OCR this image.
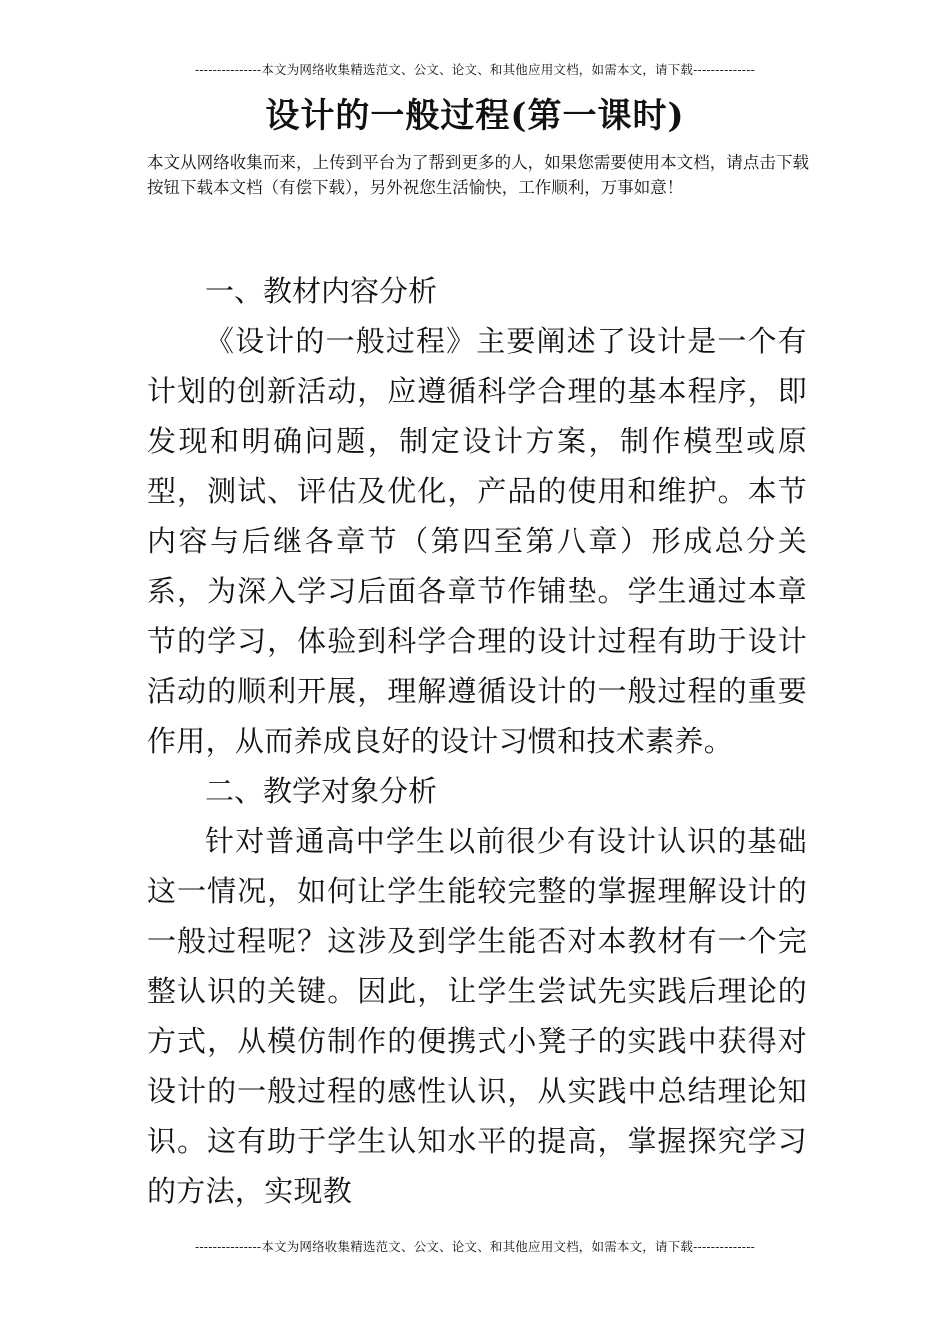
---------------本文为网络收集精选范文、公文、论文、和其他应用文档，如需本文，请下载--------------
设计的一般过程(第一课时)
本文从网络收集而来，上传到平台为了帮到更多的人，如果您需要使用本文档，请点击下载按钮下载本文档（有偿下载），另外祝您生活愉快，工作顺利，万事如意！

一、教材内容分析

《设计的一般过程》主要阐述了设计是一个有计划的创新活动，应遵循科学合理的基本程序，即发现和明确问题，制定设计方案，制作模型或原型，测试、评估及优化，产品的使用和维护。本节内容与后继各章节（第四至第八章）形成总分关系，为深入学习后面各章节作铺垫。学生通过本章节的学习，体验到科学合理的设计过程有助于设计活动的顺利开展，理解遵循设计的一般过程的重要作用，从而养成良好的设计习惯和技术素养。

二、教学对象分析

针对普通高中学生以前很少有设计认识的基础这一情况，如何让学生能较完整的掌握理解设计的一般过程呢？这涉及到学生能否对本教材有一个完整认识的关键。因此，让学生尝试先实践后理论的方式，从模仿制作的便携式小凳子的实践中获得对设计的一般过程的感性认识，从实践中总结理论知识。这有助于学生认知水平的提高，掌握探究学习的方法，实现教

---------------本文为网络收集精选范文、公文、论文、和其他应用文档，如需本文，请下载--------------
